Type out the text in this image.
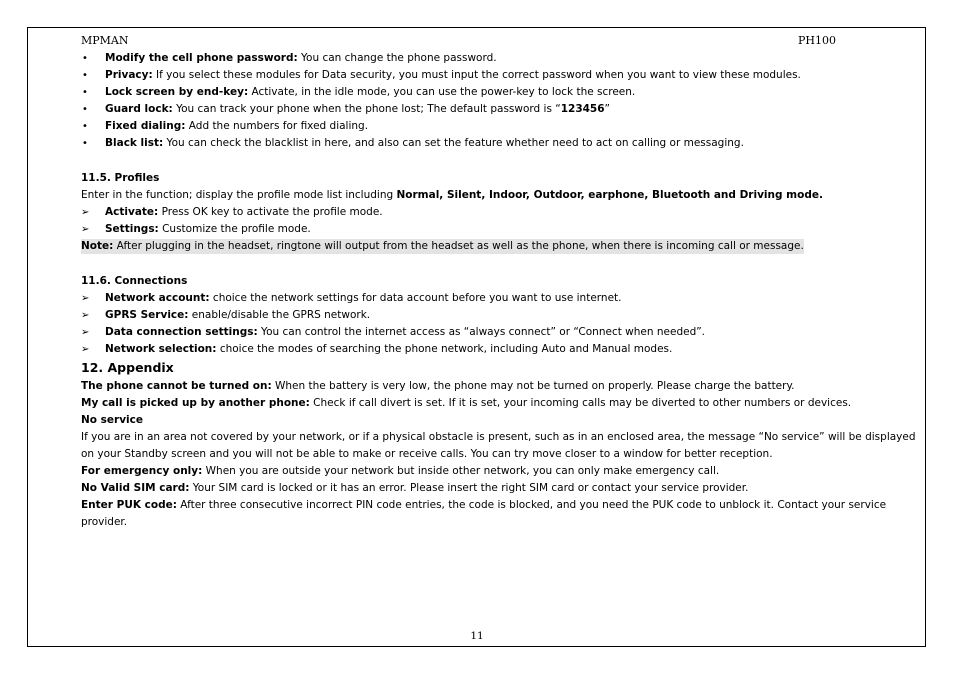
MPMAN	PH100
• Modify the cell phone password: You can change the phone password.
• Privacy: If you select these modules for Data security, you must input the correct password when you want to view these modules.
• Lock screen by end-key: Activate, in the idle mode, you can use the power-key to lock the screen.
• Guard lock: You can track your phone when the phone lost; The default password is “123456”
• Fixed dialing: Add the numbers for fixed dialing.
• Black list: You can check the blacklist in here, and also can set the feature whether need to act on calling or messaging.
11.5. Profiles
Enter in the function; display the profile mode list including Normal, Silent, Indoor, Outdoor, earphone, Bluetooth and Driving mode.
➢ Activate: Press OK key to activate the profile mode.
➢ Settings: Customize the profile mode.
Note: After plugging in the headset, ringtone will output from the headset as well as the phone, when there is incoming call or message.
11.6. Connections
➢ Network account: choice the network settings for data account before you want to use internet.
➢ GPRS Service: enable/disable the GPRS network.
➢ Data connection settings: You can control the internet access as “always connect” or “Connect when needed”.
➢ Network selection: choice the modes of searching the phone network, including Auto and Manual modes.
12. Appendix
The phone cannot be turned on: When the battery is very low, the phone may not be turned on properly. Please charge the battery.
My call is picked up by another phone: Check if call divert is set. If it is set, your incoming calls may be diverted to other numbers or devices.
No service
If you are in an area not covered by your network, or if a physical obstacle is present, such as in an enclosed area, the message “No service” will be displayed
on your Standby screen and you will not be able to make or receive calls. You can try move closer to a window for better reception.
For emergency only: When you are outside your network but inside other network, you can only make emergency call.
No Valid SIM card: Your SIM card is locked or it has an error. Please insert the right SIM card or contact your service provider.
Enter PUK code: After three consecutive incorrect PIN code entries, the code is blocked, and you need the PUK code to unblock it. Contact your service
provider.
11
